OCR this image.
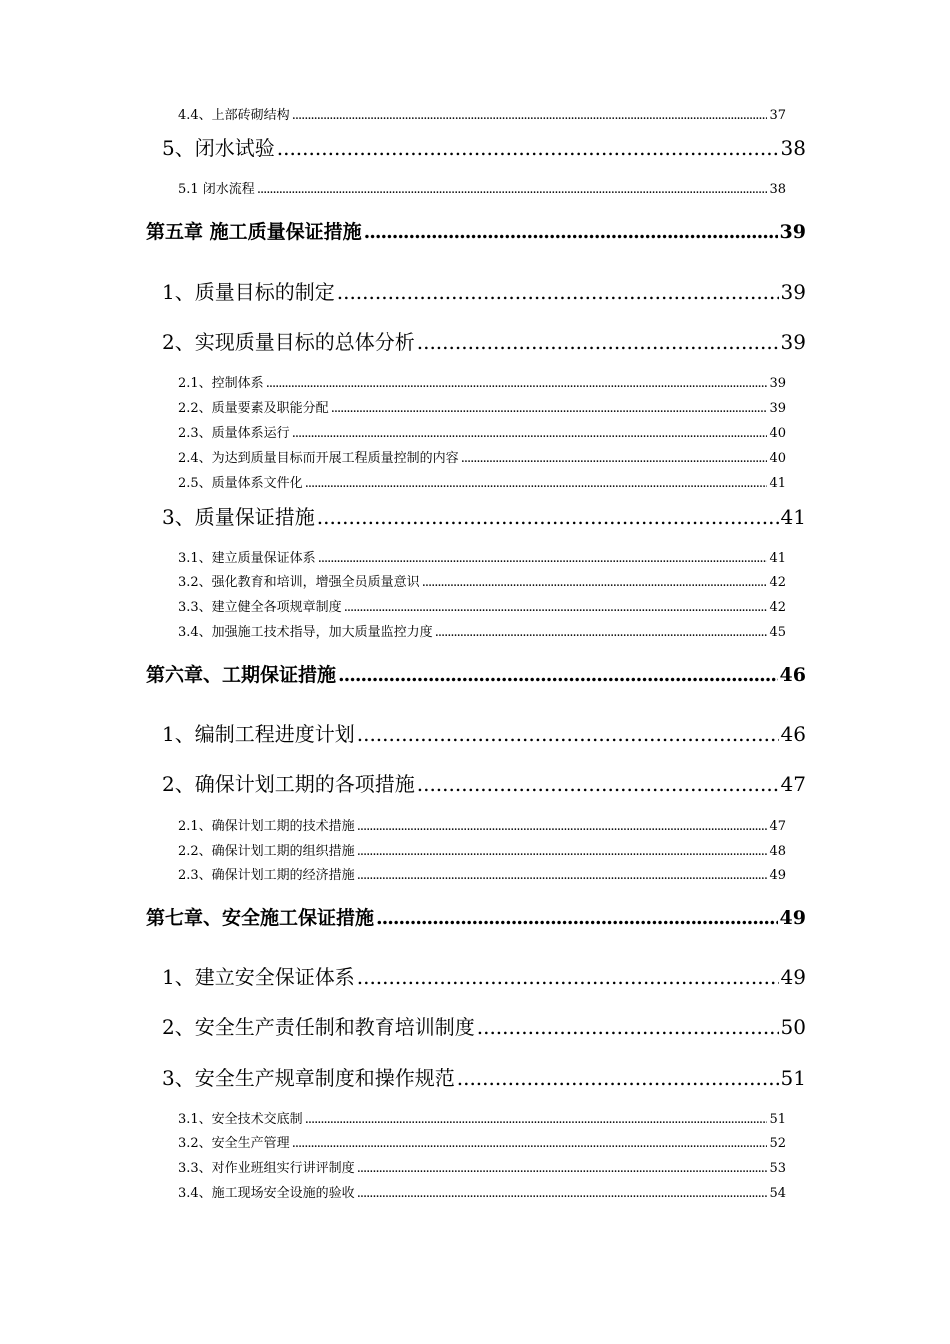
4.4、上部砖砌结构 .....	37
5、闭水试验 .....	38
5.1 闭水流程 .....	38
第五章 施工质量保证措施 .....	39
1、质量目标的制定 .....	39
2、实现质量目标的总体分析 .....	39
2.1、控制体系 .....	39
2.2、质量要素及职能分配 .....	39
2.3、质量体系运行 .....	40
2.4、为达到质量目标而开展工程质量控制的内容 .....	40
2.5、质量体系文件化 .....	41
3、质量保证措施 .....	41
3.1、建立质量保证体系 .....	41
3.2、强化教育和培训，增强全员质量意识 .....	42
3.3、建立健全各项规章制度 .....	42
3.4、加强施工技术指导，加大质量监控力度 .....	45
第六章、工期保证措施 .....	46
1、编制工程进度计划 .....	46
2、确保计划工期的各项措施 .....	47
2.1、确保计划工期的技术措施 .....	47
2.2、确保计划工期的组织措施 .....	48
2.3、确保计划工期的经济措施 .....	49
第七章、安全施工保证措施 .....	49
1、建立安全保证体系 .....	49
2、安全生产责任制和教育培训制度 .....	50
3、安全生产规章制度和操作规范 .....	51
3.1、安全技术交底制 .....	51
3.2、安全生产管理 .....	52
3.3、对作业班组实行讲评制度 .....	53
3.4、施工现场安全设施的验收 .....	54
